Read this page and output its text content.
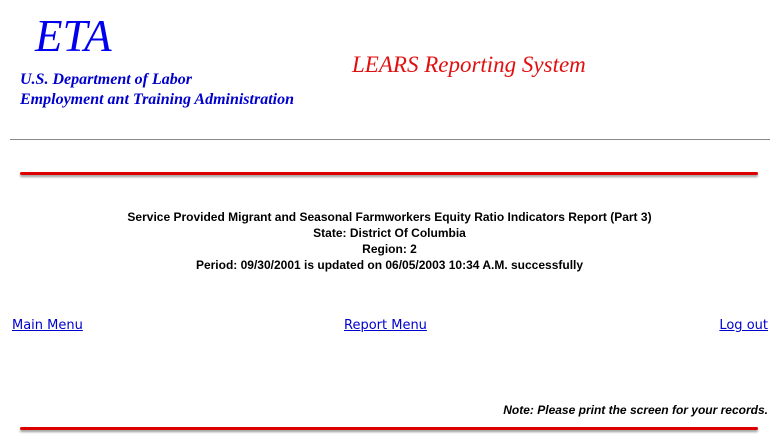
ETA
U.S. Department of Labor
Employment ant Training Administration
LEARS Reporting System
Service Provided Migrant and Seasonal Farmworkers Equity Ratio Indicators Report (Part 3)
State: District Of Columbia
Region: 2
Period: 09/30/2001 is updated on 06/05/2003 10:34 A.M. successfully
Main Menu	Report Menu	Log out
Note: Please print the screen for your records.
